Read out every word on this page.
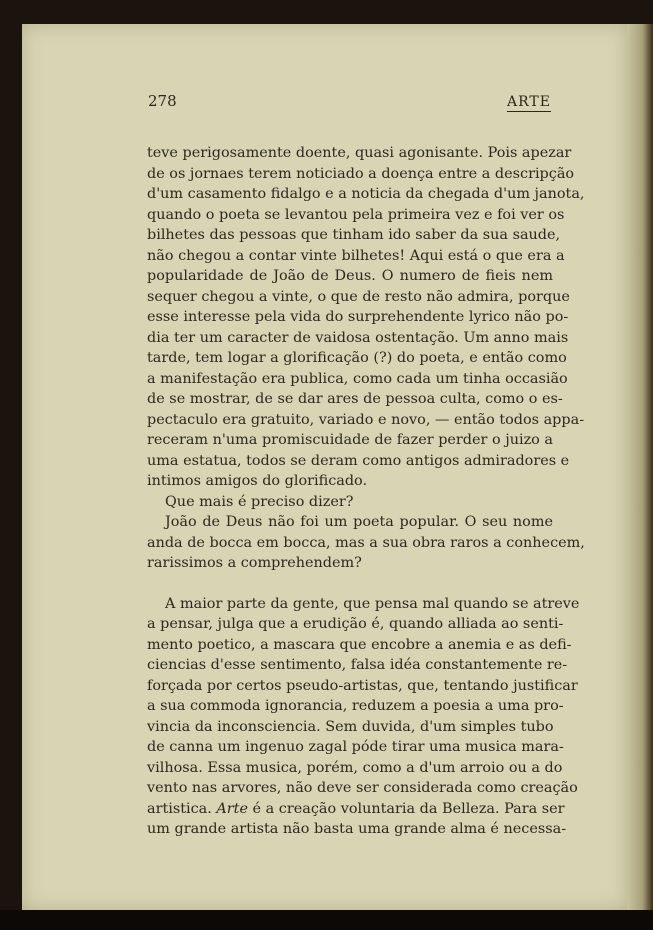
278	ARTE

teve perigosamente doente, quasi agonisante. Pois apezar
de os jornaes terem noticiado a doença entre a descripção
d'um casamento fidalgo e a noticia da chegada d'um janota,
quando o poeta se levantou pela primeira vez e foi ver os
bilhetes das pessoas que tinham ido saber da sua saude,
não chegou a contar vinte bilhetes! Aqui está o que era a
popularidade de João de Deus. O numero de fieis nem
sequer chegou a vinte, o que de resto não admira, porque
esse interesse pela vida do surprehendente lyrico não po-
dia ter um caracter de vaidosa ostentação. Um anno mais
tarde, tem logar a glorificação (?) do poeta, e então como
a manifestação era publica, como cada um tinha occasião
de se mostrar, de se dar ares de pessoa culta, como o es-
pectaculo era gratuito, variado e novo, — então todos appa-
receram n'uma promiscuidade de fazer perder o juizo a
uma estatua, todos se deram como antigos admiradores e
intimos amigos do glorificado.

Que mais é preciso dizer?

João de Deus não foi um poeta popular. O seu nome
anda de bocca em bocca, mas a sua obra raros a conhecem,
rarissimos a comprehendem?

A maior parte da gente, que pensa mal quando se atreve
a pensar, julga que a erudição é, quando alliada ao senti-
mento poetico, a mascara que encobre a anemia e as defi-
ciencias d'esse sentimento, falsa idéa constantemente re-
forçada por certos pseudo-artistas, que, tentando justificar
a sua commoda ignorancia, reduzem a poesia a uma pro-
vincia da inconsciencia. Sem duvida, d'um simples tubo
de canna um ingenuo zagal póde tirar uma musica mara-
vilhosa. Essa musica, porém, como a d'um arroio ou a do
vento nas arvores, não deve ser considerada como creação
artistica. Arte é a creação voluntaria da Belleza. Para ser
um grande artista não basta uma grande alma é necessa-
